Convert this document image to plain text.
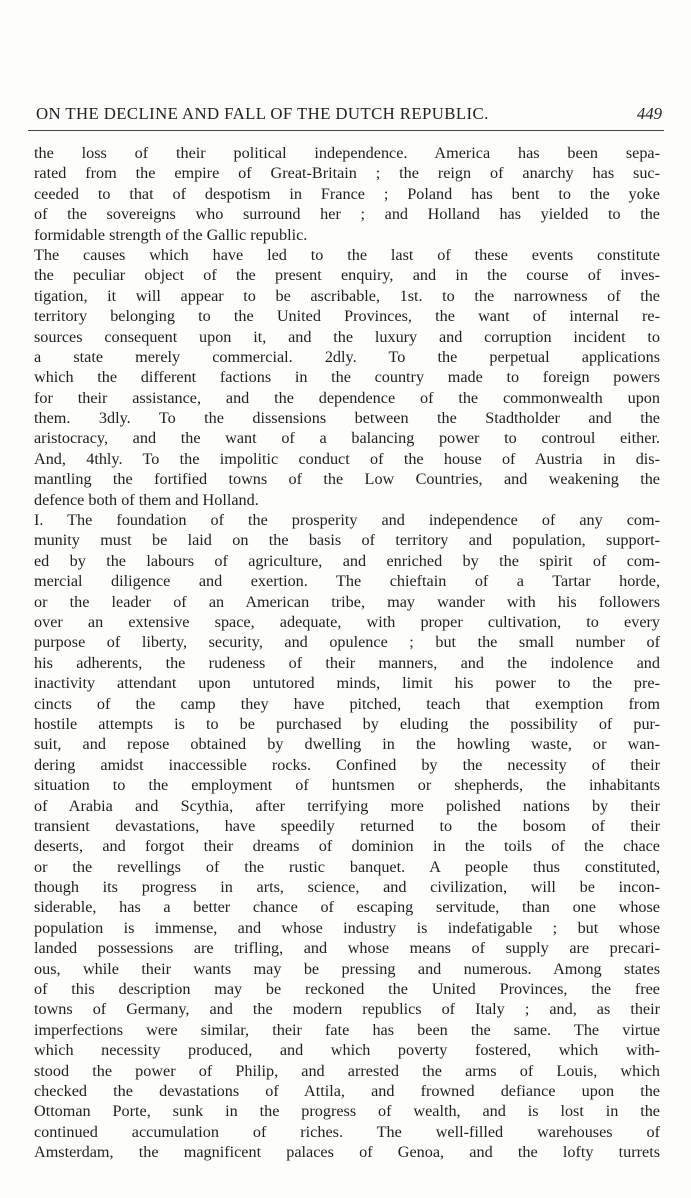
ON THE DECLINE AND FALL OF THE DUTCH REPUBLIC.	449
the loss of their political independence. America has been sepa-
rated from the empire of Great-Britain ; the reign of anarchy has suc-
ceeded to that of despotism in France ; Poland has bent to the yoke
of the sovereigns who surround her ; and Holland has yielded to the
formidable strength of the Gallic republic.
The causes which have led to the last of these events constitute
the peculiar object of the present enquiry, and in the course of inves-
tigation, it will appear to be ascribable, 1st. to the narrowness of the
territory belonging to the United Provinces, the want of internal re-
sources consequent upon it, and the luxury and corruption incident to
a state merely commercial. 2dly. To the perpetual applications
which the different factions in the country made to foreign powers
for their assistance, and the dependence of the commonwealth upon
them. 3dly. To the dissensions between the Stadtholder and the
aristocracy, and the want of a balancing power to controul either.
And, 4thly. To the impolitic conduct of the house of Austria in dis-
mantling the fortified towns of the Low Countries, and weakening the
defence both of them and Holland.
I. The foundation of the prosperity and independence of any com-
munity must be laid on the basis of territory and population, support-
ed by the labours of agriculture, and enriched by the spirit of com-
mercial diligence and exertion. The chieftain of a Tartar horde,
or the leader of an American tribe, may wander with his followers
over an extensive space, adequate, with proper cultivation, to every
purpose of liberty, security, and opulence ; but the small number of
his adherents, the rudeness of their manners, and the indolence and
inactivity attendant upon untutored minds, limit his power to the pre-
cincts of the camp they have pitched, teach that exemption from
hostile attempts is to be purchased by eluding the possibility of pur-
suit, and repose obtained by dwelling in the howling waste, or wan-
dering amidst inaccessible rocks. Confined by the necessity of their
situation to the employment of huntsmen or shepherds, the inhabitants
of Arabia and Scythia, after terrifying more polished nations by their
transient devastations, have speedily returned to the bosom of their
deserts, and forgot their dreams of dominion in the toils of the chace
or the revellings of the rustic banquet. A people thus constituted,
though its progress in arts, science, and civilization, will be incon-
siderable, has a better chance of escaping servitude, than one whose
population is immense, and whose industry is indefatigable ; but whose
landed possessions are trifling, and whose means of supply are precari-
ous, while their wants may be pressing and numerous. Among states
of this description may be reckoned the United Provinces, the free
towns of Germany, and the modern republics of Italy ; and, as their
imperfections were similar, their fate has been the same. The virtue
which necessity produced, and which poverty fostered, which with-
stood the power of Philip, and arrested the arms of Louis, which
checked the devastations of Attila, and frowned defiance upon the
Ottoman Porte, sunk in the progress of wealth, and is lost in the
continued accumulation of riches. The well-filled warehouses of
Amsterdam, the magnificent palaces of Genoa, and the lofty turrets
